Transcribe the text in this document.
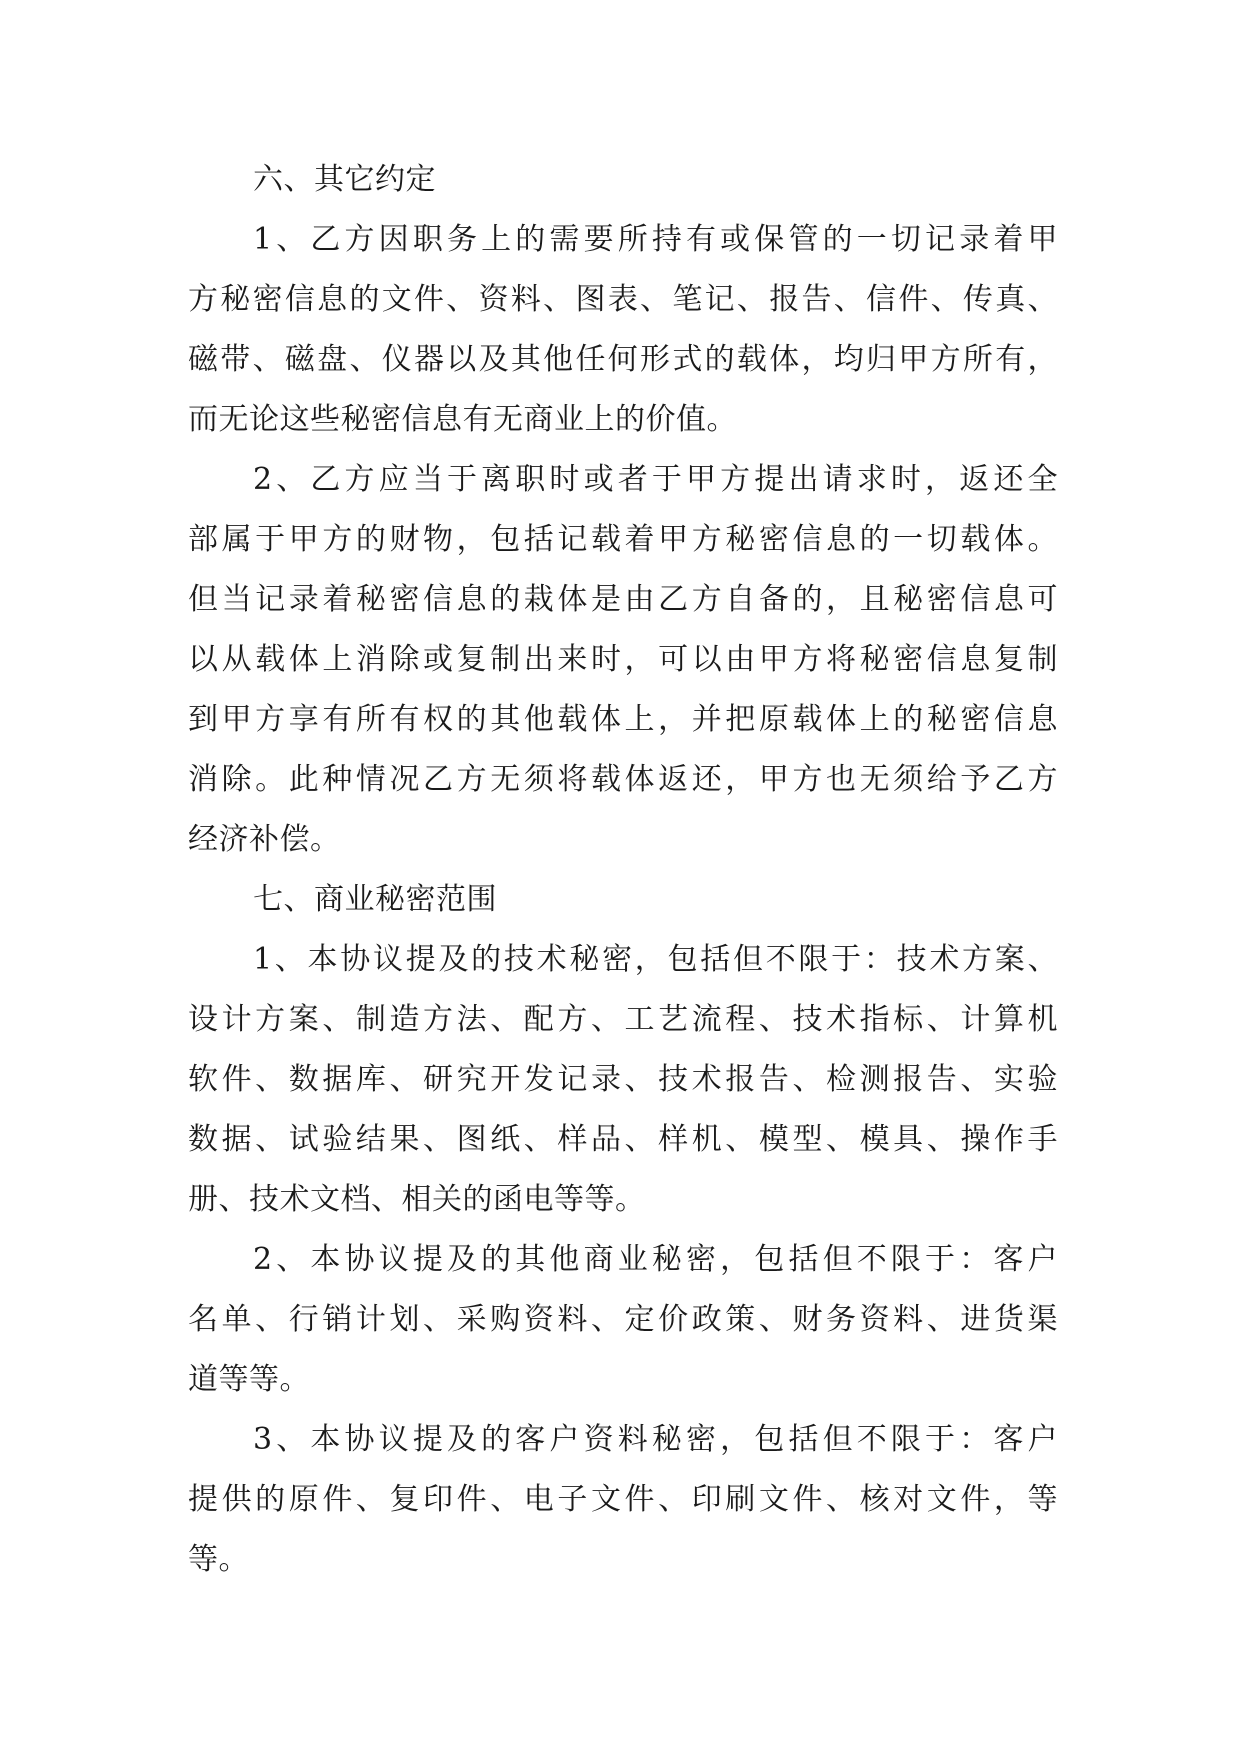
六、其它约定
1、乙方因职务上的需要所持有或保管的一切记录着甲
方秘密信息的文件、资料、图表、笔记、报告、信件、传真、
磁带、磁盘、仪器以及其他任何形式的载体，均归甲方所有，
而无论这些秘密信息有无商业上的价值。
2、乙方应当于离职时或者于甲方提出请求时，返还全
部属于甲方的财物，包括记载着甲方秘密信息的一切载体。
但当记录着秘密信息的栽体是由乙方自备的，且秘密信息可
以从载体上消除或复制出来时，可以由甲方将秘密信息复制
到甲方享有所有权的其他载体上，并把原载体上的秘密信息
消除。此种情况乙方无须将载体返还，甲方也无须给予乙方
经济补偿。
七、商业秘密范围
1、本协议提及的技术秘密，包括但不限于：技术方案、
设计方案、制造方法、配方、工艺流程、技术指标、计算机
软件、数据库、研究开发记录、技术报告、检测报告、实验
数据、试验结果、图纸、样品、样机、模型、模具、操作手
册、技术文档、相关的函电等等。
2、本协议提及的其他商业秘密，包括但不限于：客户
名单、行销计划、采购资料、定价政策、财务资料、进货渠
道等等。
3、本协议提及的客户资料秘密，包括但不限于：客户
提供的原件、复印件、电子文件、印刷文件、核对文件，等
等。
